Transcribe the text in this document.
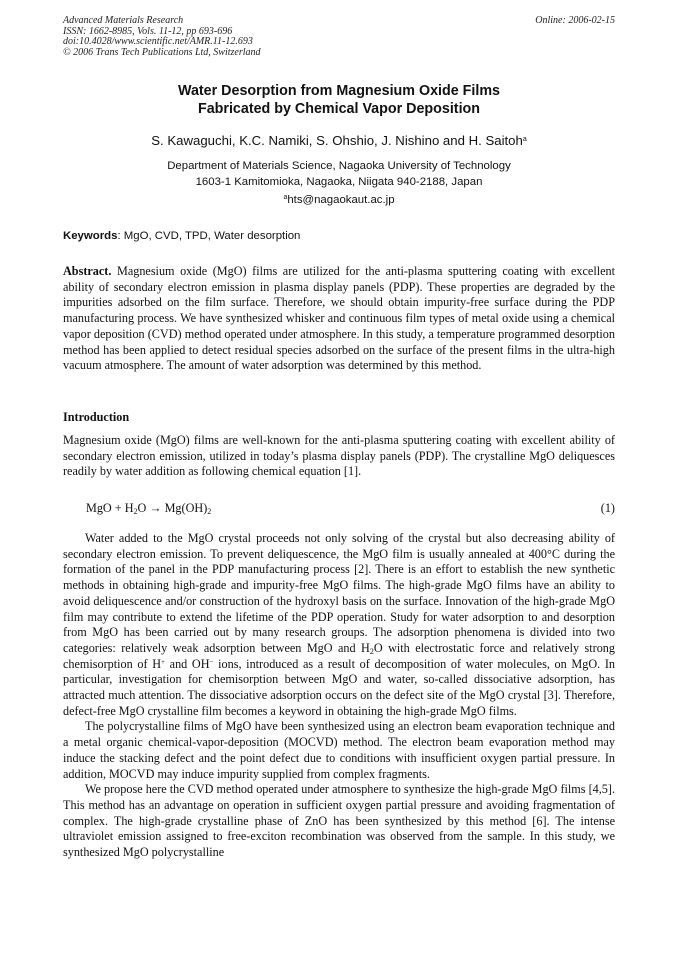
Advanced Materials Research
ISSN: 1662-8985, Vols. 11-12, pp 693-696
doi:10.4028/www.scientific.net/AMR.11-12.693
© 2006 Trans Tech Publications Ltd, Switzerland
Online: 2006-02-15
Water Desorption from Magnesium Oxide Films
Fabricated by Chemical Vapor Deposition
S. Kawaguchi, K.C. Namiki, S. Ohshio, J. Nishino and H. Saitoh$^a$
Department of Materials Science, Nagaoka University of Technology
1603-1 Kamitomioka, Nagaoka, Niigata 940-2188, Japan
$^a$hts@nagaokaut.ac.jp
Keywords: MgO, CVD, TPD, Water desorption
Abstract. Magnesium oxide (MgO) films are utilized for the anti-plasma sputtering coating with excellent ability of secondary electron emission in plasma display panels (PDP). These properties are degraded by the impurities adsorbed on the film surface. Therefore, we should obtain impurity-free surface during the PDP manufacturing process. We have synthesized whisker and continuous film types of metal oxide using a chemical vapor deposition (CVD) method operated under atmosphere. In this study, a temperature programmed desorption method has been applied to detect residual species adsorbed on the surface of the present films in the ultra-high vacuum atmosphere. The amount of water adsorption was determined by this method.
Introduction
Magnesium oxide (MgO) films are well-known for the anti-plasma sputtering coating with excellent ability of secondary electron emission, utilized in today’s plasma display panels (PDP). The crystalline MgO deliquesces readily by water addition as following chemical equation [1].
MgO + $H_2O \to Mg(OH)_2$	(1)

Water added to the MgO crystal proceeds not only solving of the crystal but also decreasing ability of secondary electron emission. To prevent deliquescence, the MgO film is usually annealed at 400°C during the formation of the panel in the PDP manufacturing process [2]. There is an effort to establish the new synthetic methods in obtaining high-grade and impurity-free MgO films. The high-grade MgO films have an ability to avoid deliquescence and/or construction of the hydroxyl basis on the surface. Innovation of the high-grade MgO film may contribute to extend the lifetime of the PDP operation. Study for water adsorption to and desorption from MgO has been carried out by many research groups. The adsorption phenomena is divided into two categories: relatively weak adsorption between MgO and $H_2O$ with electrostatic force and relatively strong chemisorption of H+ and OH− ions, introduced as a result of decomposition of water molecules, on MgO. In particular, investigation for chemisorption between MgO and water, so-called dissociative adsorption, has attracted much attention. The dissociative adsorption occurs on the defect site of the MgO crystal [3]. Therefore, defect-free MgO crystalline film becomes a keyword in obtaining the high-grade MgO films.

The polycrystalline films of MgO have been synthesized using an electron beam evaporation technique and a metal organic chemical-vapor-deposition (MOCVD) method. The electron beam evaporation method may induce the stacking defect and the point defect due to conditions with insufficient oxygen partial pressure. In addition, MOCVD may induce impurity supplied from complex fragments.

We propose here the CVD method operated under atmosphere to synthesize the high-grade MgO films [4,5]. This method has an advantage on operation in sufficient oxygen partial pressure and avoiding fragmentation of complex. The high-grade crystalline phase of ZnO has been synthesized by this method [6]. The intense ultraviolet emission assigned to free-exciton recombination was observed from the sample. In this study, we synthesized MgO polycrystalline
